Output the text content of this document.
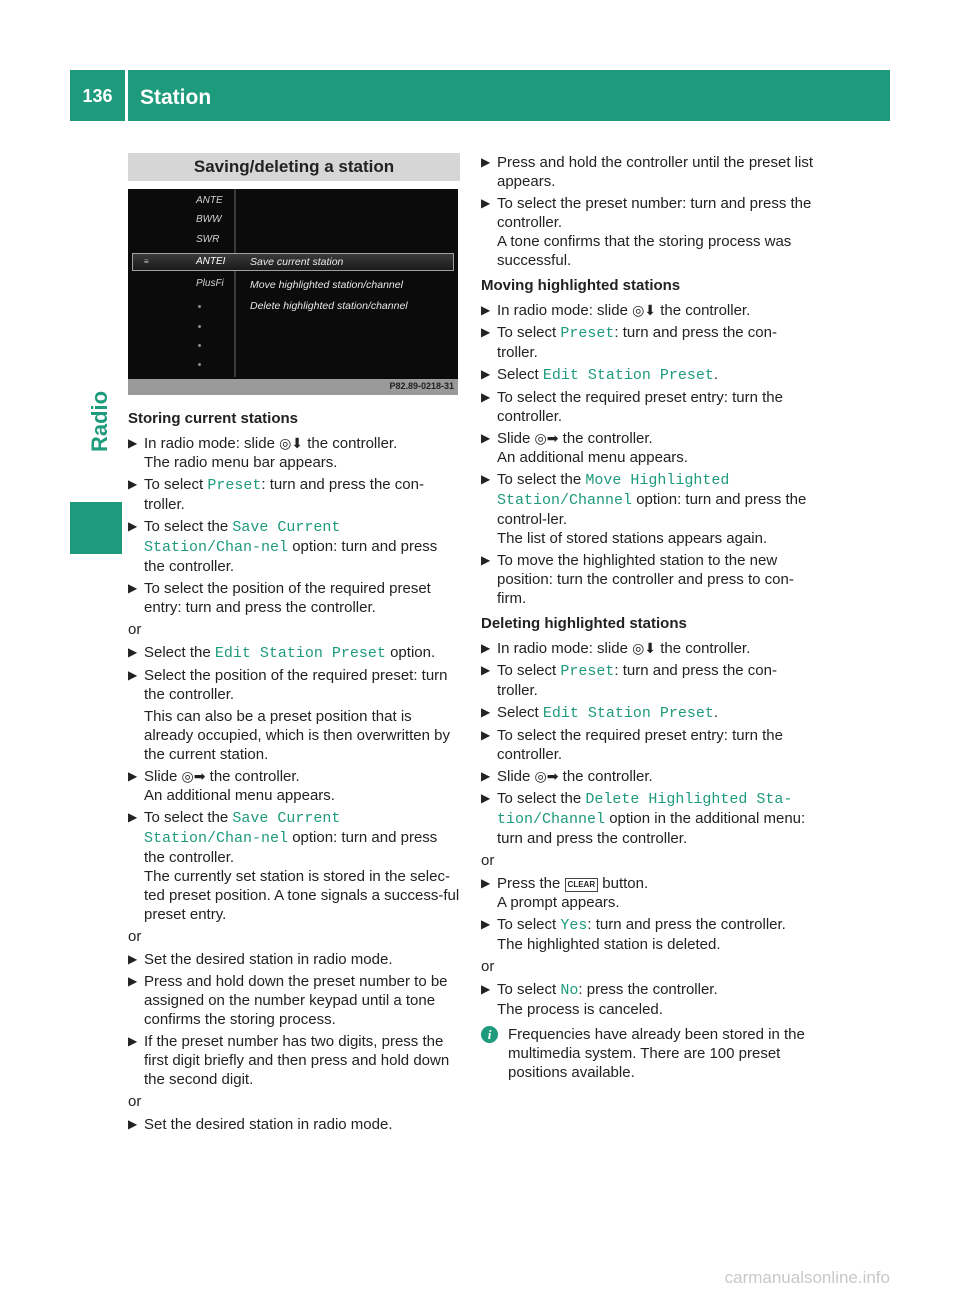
136	Station
Radio
Saving/deleting a station
ANTE
BWW
SWR
ANTEI
≡
PlusFi
Save current station
Move highlighted station/channel
Delete highlighted station/channel
P82.89-0218-31
Storing current stations
▶ In radio mode: slide ◎⬇ the controller.
The radio menu bar appears.
▶ To select Preset: turn and press the con-troller.
▶ To select the Save Current Station/Chan-nel option: turn and press the controller.
▶ To select the position of the required preset entry: turn and press the controller.
or
▶ Select the Edit Station Preset option.
▶ Select the position of the required preset: turn the controller.

This can also be a preset position that is already occupied, which is then overwritten by the current station.
▶ Slide ◎➡ the controller.
An additional menu appears.
▶ To select the Save Current Station/Chan-nel option: turn and press the controller.
The currently set station is stored in the selec-ted preset position. A tone signals a success-ful preset entry.
or
▶ Set the desired station in radio mode.
▶ Press and hold down the preset number to be assigned on the number keypad until a tone confirms the storing process.
▶ If the preset number has two digits, press the first digit briefly and then press and hold down the second digit.
or
▶ Set the desired station in radio mode.
▶ Press and hold the controller until the preset list appears.
▶ To select the preset number: turn and press the controller.
A tone confirms that the storing process was successful.
Moving highlighted stations
▶ In radio mode: slide ◎⬇ the controller.
▶ To select Preset: turn and press the con-troller.
▶ Select Edit Station Preset.
▶ To select the required preset entry: turn the controller.
▶ Slide ◎➡ the controller.
An additional menu appears.
▶ To select the Move Highlighted Station/Channel option: turn and press the control-ler.
The list of stored stations appears again.
▶ To move the highlighted station to the new position: turn the controller and press to con-firm.
Deleting highlighted stations
▶ In radio mode: slide ◎⬇ the controller.
▶ To select Preset: turn and press the con-troller.
▶ Select Edit Station Preset.
▶ To select the required preset entry: turn the controller.
▶ Slide ◎➡ the controller.
▶ To select the Delete Highlighted Sta-tion/Channel option in the additional menu: turn and press the controller.
or
▶ Press the CLEAR button.
A prompt appears.
▶ To select Yes: turn and press the controller.
The highlighted station is deleted.
or
▶ To select No: press the controller.
The process is canceled.
i	Frequencies have already been stored in the multimedia system. There are 100 preset positions available.
carmanualsonline.info
